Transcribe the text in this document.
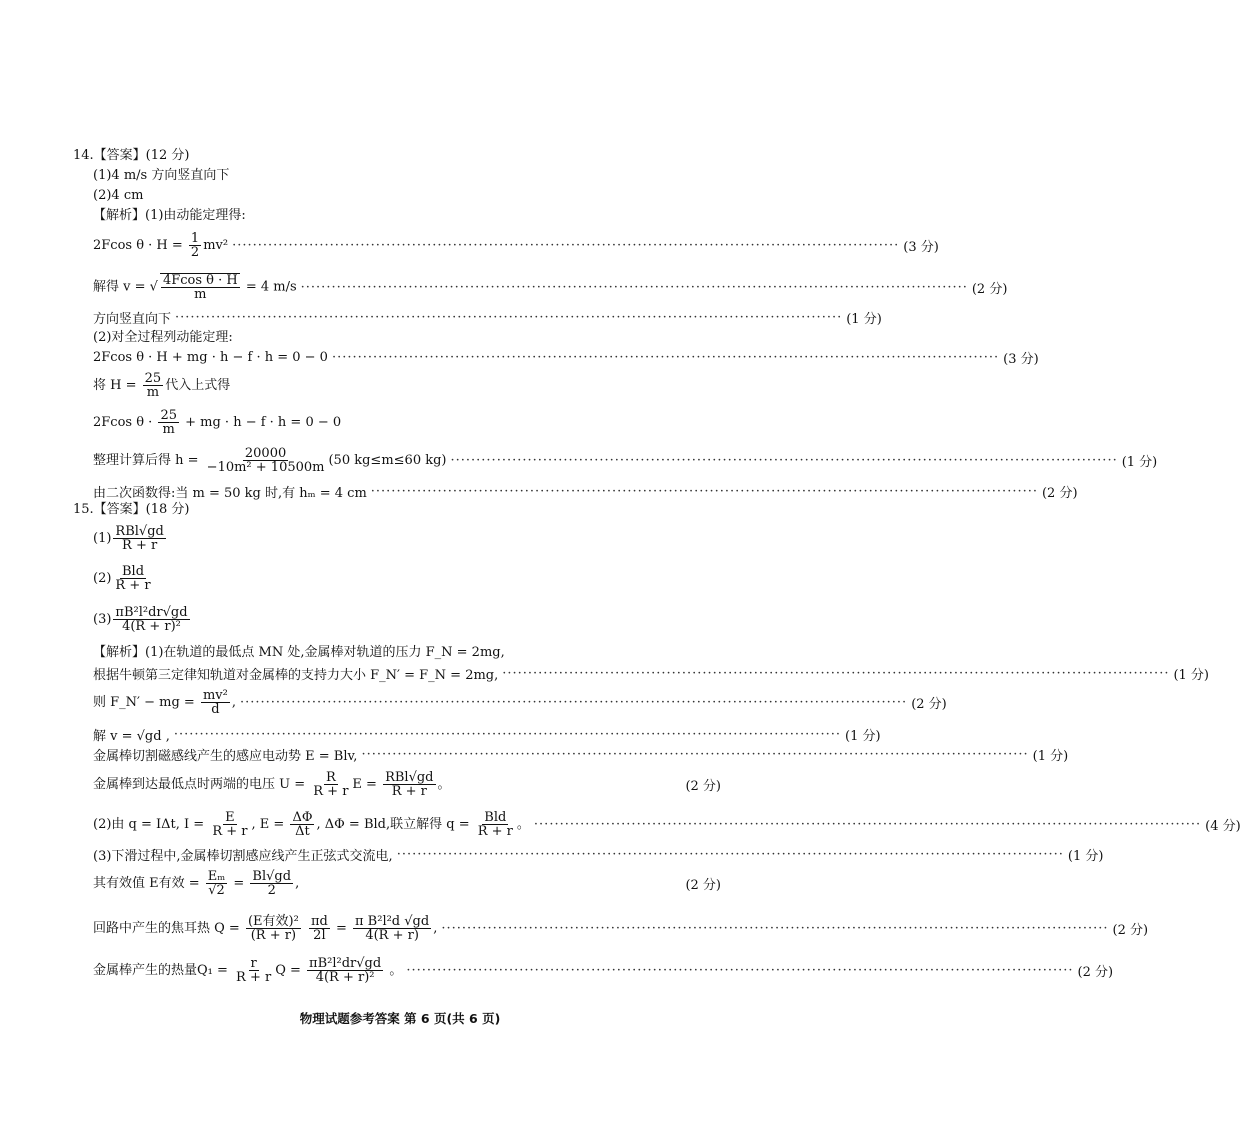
14.【答案】(12 分)
(1)4 m/s 方向竖直向下
(2)4 cm
【解析】(1)由动能定理得:
2Fcos $\theta \cdot H = \frac{1}{2} mv^2$ ·································································································································· (3 分)
解得 v = √ $\frac{\text{4Fcos θ · H}}{m} = 4$ m/s ·································································································································· (2 分)
方向竖直向下 ·································································································································· (1 分)
(2)对全过程列动能定理:
2Fcos θ · H + mg · h − f · h = 0 − 0 ·································································································································· (3 分)
将 $H = \frac{25}{m}$ 代入上式得
2Fcos $\theta \cdot \frac{25}{m}$ + mg · h − f · h = 0 − 0
整理计算后得 $h = \frac{20000}{\text{−10m² + 10500m}} (50$ kg≤m≤60 kg) ·································································································································· (1 分)
由二次函数得:当 m = 50 kg 时,有 hₘ = 4 cm ·································································································································· (2 分)
15.【答案】(18 分)
$(1) \frac{\text{RBl√gd}}{R + r}$
$(2) \frac{\text{Bld}}{R + r}$
$(3) \frac{\text{πB²l²dr√gd}}{\text{4(R + r)²}}$
【解析】(1)在轨道的最低点 MN 处,金属棒对轨道的压力 F_N = 2mg,
根据牛顿第三定律知轨道对金属棒的支持力大小 F_N′ = F_N = 2mg, ·································································································································· (1 分)
则 F_N′ − mg = $\frac{\text{mv²}}{d}$ , ·································································································································· (2 分)
解 v = √gd , ·································································································································· (1 分)
金属棒切割磁感线产生的感应电动势 E = Blv, ·································································································································· (1 分)
金属棒到达最低点时两端的电压 $U = \frac{R}{R + r}$ $E = \frac{\text{RBl√gd}}{R + r}$ 。	(2 分)
(2)由 q = IΔt, $I = \frac{E}{R + r}$ , $E = \frac{\Delta\Phi}{\Delta t}$ , ΔΦ = Bld,联立解得 $q = \frac{\text{Bld}}{R + r}$ 。 ·································································································································· (4 分)
(3)下滑过程中,金属棒切割感应线产生正弦式交流电, ·································································································································· (1 分)
其有效值 E有效 = $\frac{\text{Eₘ}}{√2} = \frac{Bl√gd}{2}$ ,	(2 分)
回路中产生的焦耳热 $Q = \frac{\text{(E有效)²}}{(R + r)}$
$\frac{\pi d}{2l} = \frac{\text{π B²l²d √gd}}{4(R + r)}$ , ·································································································································· (2 分)
金属棒产生的热量$Q_1 = \frac{r}{R + r}$ $Q = \frac{\text{πB²l²dr√gd}}{\text{4(R + r)²}}$ 。 ·································································································································· (2 分)
物理试题参考答案 第 6 页(共 6 页)
